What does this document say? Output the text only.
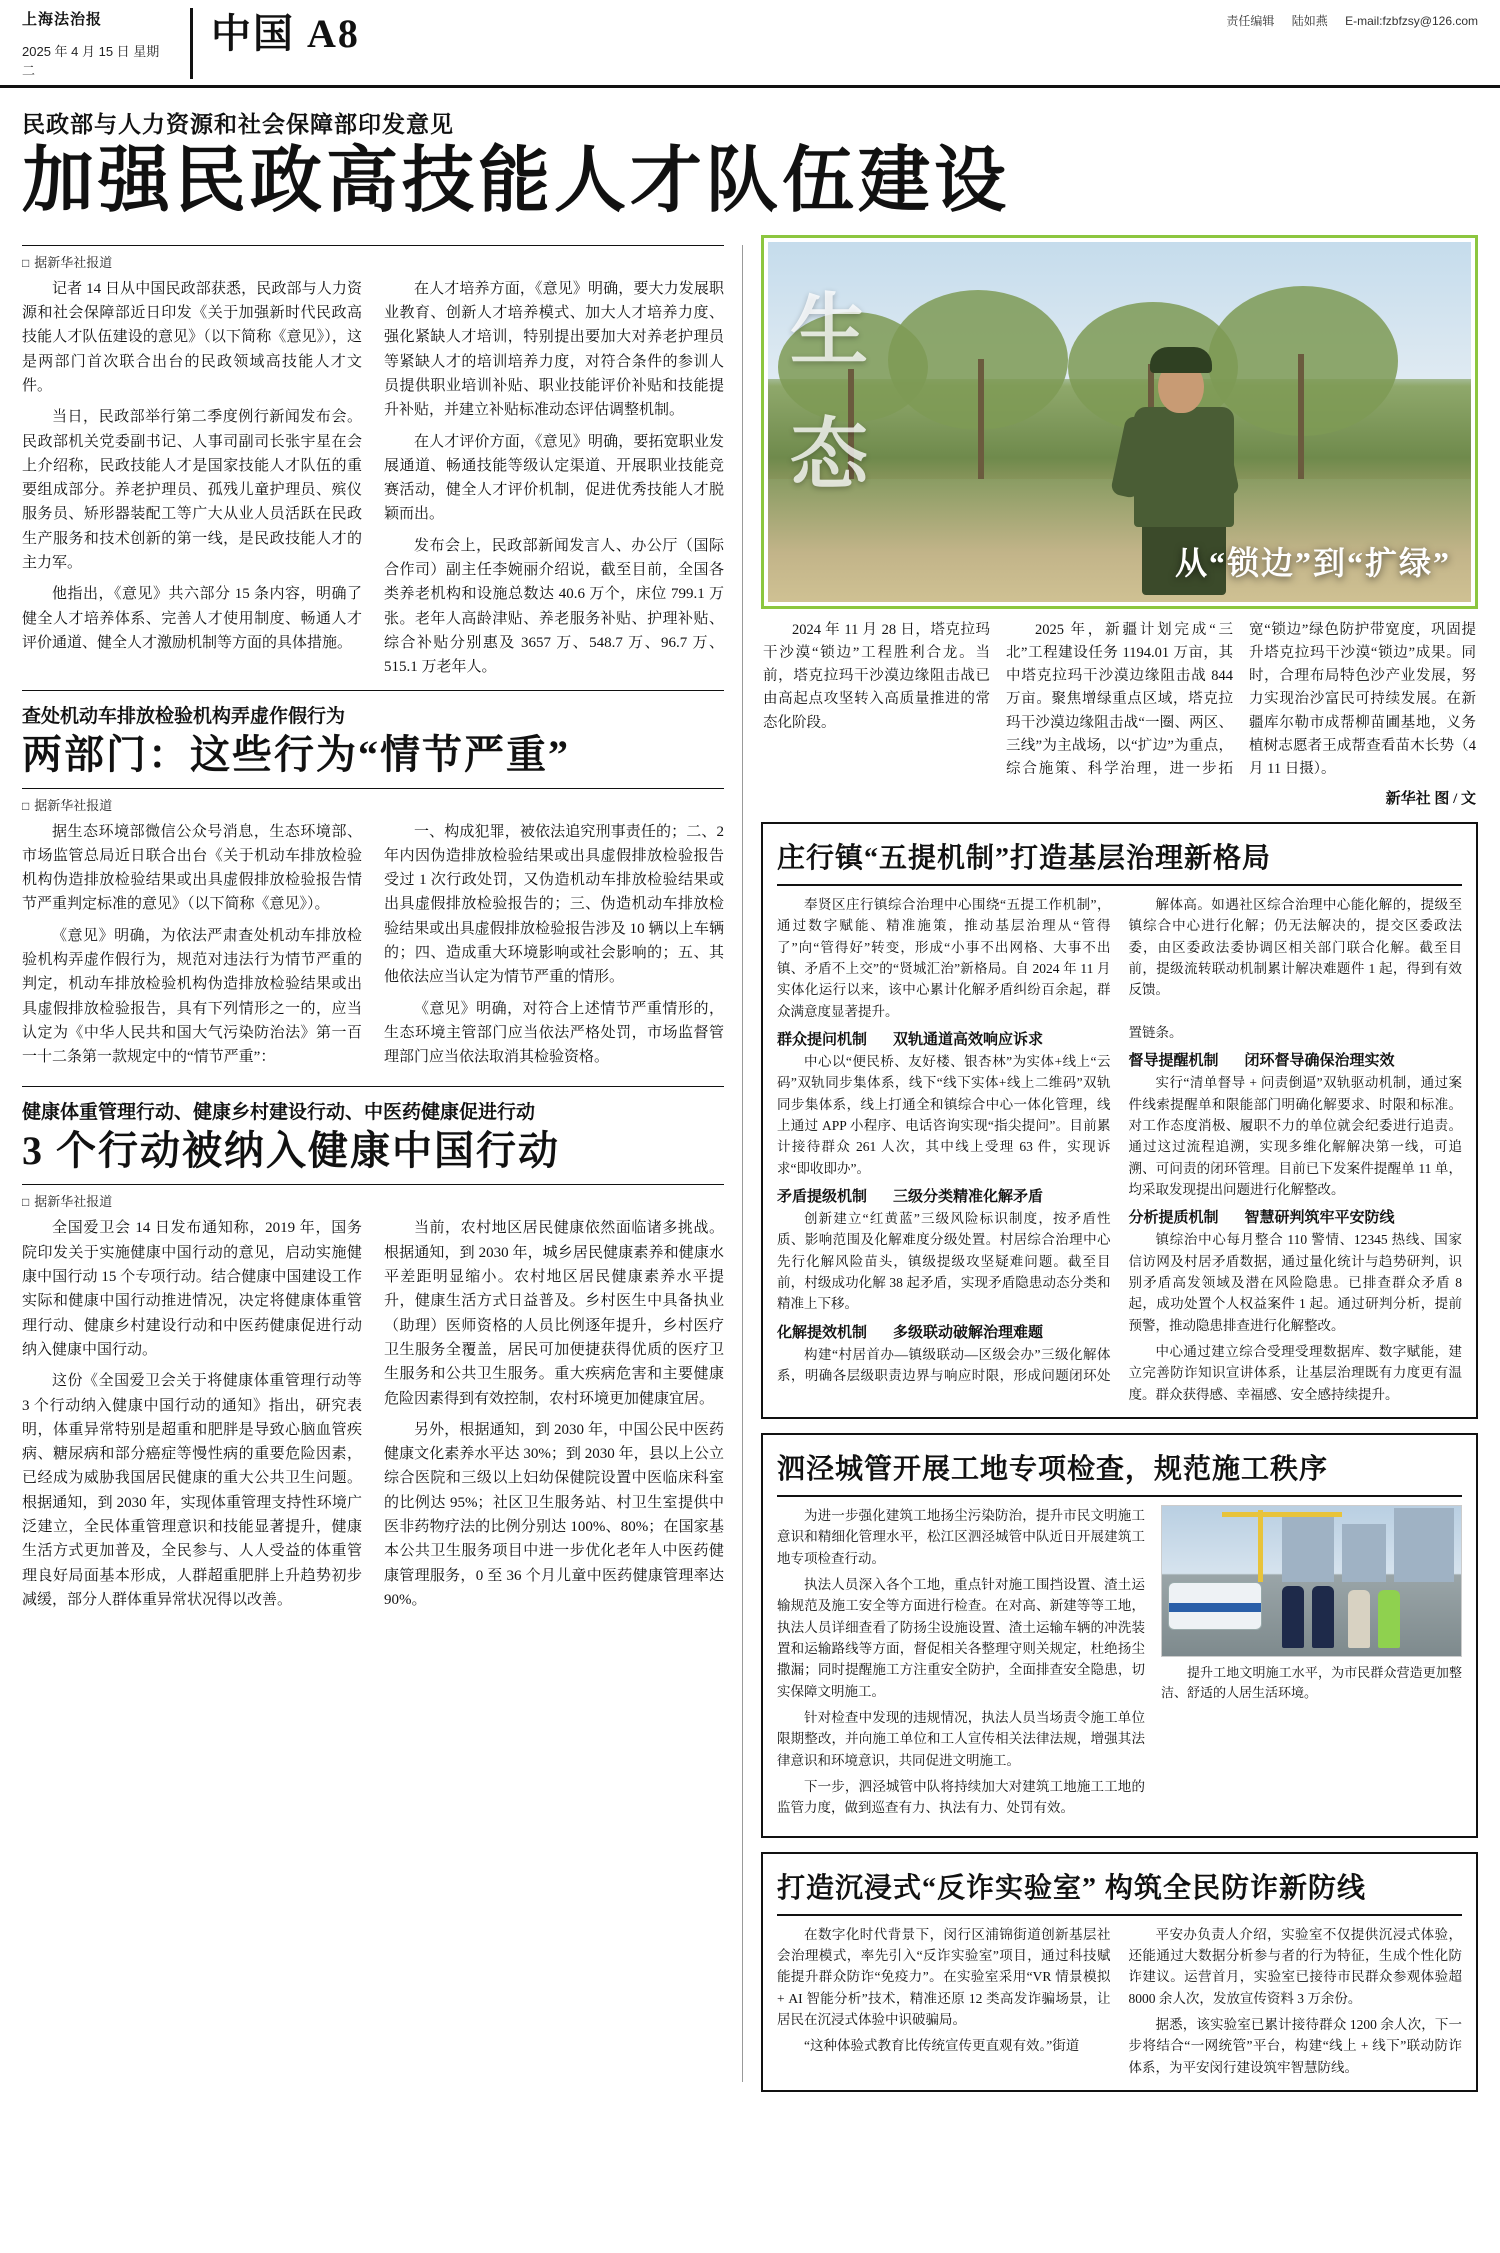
上海法治报
2025 年 4 月 15 日 星期二
中国 A8	责任编辑 陆如燕 E-mail:fzbfzsy@126.com
民政部与人力资源和社会保障部印发意见
加强民政高技能人才队伍建设
□ 据新华社报道

记者 14 日从中国民政部获悉，民政部与人力资源和社会保障部近日印发《关于加强新时代民政高技能人才队伍建设的意见》（以下简称《意见》），这是两部门首次联合出台的民政领域高技能人才文件。

当日，民政部举行第二季度例行新闻发布会。民政部机关党委副书记、人事司副司长张宇星在会上介绍称，民政技能人才是国家技能人才队伍的重要组成部分。养老护理员、孤残儿童护理员、殡仪服务员、矫形器装配工等广大从业人员活跃在民政生产服务和技术创新的第一线，是民政技能人才的主力军。

他指出，《意见》共六部分 15 条内容，明确了健全人才培养体系、完善人才使用制度、畅通人才评价通道、健全人才激励机制等方面的具体措施。

在人才培养方面，《意见》明确，要大力发展职业教育、创新人才培养模式、加大人才培养力度、强化紧缺人才培训，特别提出要加大对养老护理员等紧缺人才的培训培养力度，对符合条件的参训人员提供职业培训补贴、职业技能评价补贴和技能提升补贴，并建立补贴标准动态评估调整机制。

在人才评价方面，《意见》明确，要拓宽职业发展通道、畅通技能等级认定渠道、开展职业技能竞赛活动，健全人才评价机制，促进优秀技能人才脱颖而出。

发布会上，民政部新闻发言人、办公厅（国际合作司）副主任李婉丽介绍说，截至目前，全国各类养老机构和设施总数达 40.6 万个，床位 799.1 万张。老年人高龄津贴、养老服务补贴、护理补贴、综合补贴分别惠及 3657 万、548.7 万、96.7 万、515.1 万老年人。

查处机动车排放检验机构弄虚作假行为
两部门：这些行为“情节严重”
□ 据新华社报道

据生态环境部微信公众号消息，生态环境部、市场监管总局近日联合出台《关于机动车排放检验机构伪造排放检验结果或出具虚假排放检验报告情节严重判定标准的意见》（以下简称《意见》）。

《意见》明确，为依法严肃查处机动车排放检验机构弄虚作假行为，规范对违法行为情节严重的判定，机动车排放检验机构伪造排放检验结果或出具虚假排放检验报告，具有下列情形之一的，应当认定为《中华人民共和国大气污染防治法》第一百一十二条第一款规定中的“情节严重”：

一、构成犯罪，被依法追究刑事责任的；二、2 年内因伪造排放检验结果或出具虚假排放检验报告受过 1 次行政处罚，又伪造机动车排放检验结果或出具虚假排放检验报告的；三、伪造机动车排放检验结果或出具虚假排放检验报告涉及 10 辆以上车辆的；四、造成重大环境影响或社会影响的；五、其他依法应当认定为情节严重的情形。

《意见》明确，对符合上述情节严重情形的，生态环境主管部门应当依法严格处罚，市场监督管理部门应当依法取消其检验资格。

健康体重管理行动、健康乡村建设行动、中医药健康促进行动
3 个行动被纳入健康中国行动
□ 据新华社报道

全国爱卫会 14 日发布通知称，2019 年，国务院印发关于实施健康中国行动的意见，启动实施健康中国行动 15 个专项行动。结合健康中国建设工作实际和健康中国行动推进情况，决定将健康体重管理行动、健康乡村建设行动和中医药健康促进行动纳入健康中国行动。

这份《全国爱卫会关于将健康体重管理行动等 3 个行动纳入健康中国行动的通知》指出，研究表明，体重异常特别是超重和肥胖是导致心脑血管疾病、糖尿病和部分癌症等慢性病的重要危险因素，已经成为威胁我国居民健康的重大公共卫生问题。根据通知，到 2030 年，实现体重管理支持性环境广泛建立，全民体重管理意识和技能显著提升，健康生活方式更加普及，全民参与、人人受益的体重管理良好局面基本形成，人群超重肥胖上升趋势初步减缓，部分人群体重异常状况得以改善。

当前，农村地区居民健康依然面临诸多挑战。根据通知，到 2030 年，城乡居民健康素养和健康水平差距明显缩小。农村地区居民健康素养水平提升，健康生活方式日益普及。乡村医生中具备执业（助理）医师资格的人员比例逐年提升，乡村医疗卫生服务全覆盖，居民可加便捷获得优质的医疗卫生服务和公共卫生服务。重大疾病危害和主要健康危险因素得到有效控制，农村环境更加健康宜居。

另外，根据通知，到 2030 年，中国公民中医药健康文化素养水平达 30%；到 2030 年，县以上公立综合医院和三级以上妇幼保健院设置中医临床科室的比例达 95%；社区卫生服务站、村卫生室提供中医非药物疗法的比例分别达 100%、80%；在国家基本公共卫生服务项目中进一步优化老年人中医药健康管理服务，0 至 36 个月儿童中医药健康管理率达 90%。

生
态
从“锁边”到“扩绿”

2024 年 11 月 28 日，塔克拉玛干沙漠“锁边”工程胜利合龙。当前，塔克拉玛干沙漠边缘阻击战已由高起点攻坚转入高质量推进的常态化阶段。

2025 年，新疆计划完成“三北”工程建设任务 1194.01 万亩，其中塔克拉玛干沙漠边缘阻击战 844 万亩。聚焦增绿重点区域，塔克拉玛干沙漠边缘阻击战“一圈、两区、三线”为主战场，以“扩边”为重点，综合施策、科学治理，进一步拓宽“锁边”绿色防护带宽度，巩固提升塔克拉玛干沙漠“锁边”成果。同时，合理布局特色沙产业发展，努力实现治沙富民可持续发展。在新疆库尔勒市成帮柳苗圃基地，义务植树志愿者王成帮查看苗木长势（4 月 11 日摄）。

新华社 图 / 文
庄行镇“五提机制”打造基层治理新格局

奉贤区庄行镇综合治理中心围绕“五提工作机制”，通过数字赋能、精准施策，推动基层治理从“管得了”向“管得好”转变，形成“小事不出网格、大事不出镇、矛盾不上交”的“贤城汇治”新格局。自 2024 年 11 月实体化运行以来，该中心累计化解矛盾纠纷百余起，群众满意度显著提升。

解体高。如遇社区综合治理中心能化解的，提级至镇综合中心进行化解；仍无法解决的，提交区委政法委，由区委政法委协调区相关部门联合化解。截至目前，提级流转联动机制累计解决难题件 1 起，得到有效反馈。

群众提问机制 双轨通道高效响应诉求

中心以“便民桥、友好楼、银杏林”为实体+线上“云码”双轨同步集体系，线下“线下实体+线上二维码”双轨同步集体系，线上打通全和镇综合中心一体化管理，线上通过 APP 小程序、电话咨询实现“指尖提问”。目前累计接待群众 261 人次，其中线上受理 63 件，实现诉求“即收即办”。

矛盾提级机制 三级分类精准化解矛盾

创新建立“红黄蓝”三级风险标识制度，按矛盾性质、影响范围及化解难度分级处置。村居综合治理中心先行化解风险苗头，镇级提级攻坚疑难问题。截至目前，村级成功化解 38 起矛盾，实现矛盾隐患动态分类和精准上下移。

化解提效机制 多级联动破解治理难题

构建“村居首办—镇级联动—区级会办”三级化解体系，明确各层级职责边界与响应时限，形成问题闭环处置链条。

督导提醒机制 闭环督导确保治理实效

实行“清单督导 + 问责倒逼”双轨驱动机制，通过案件线索提醒单和限能部门明确化解要求、时限和标准。对工作态度消极、履职不力的单位就会纪委进行追责。通过这过流程追溯，实现多维化解解决第一线，可追溯、可问责的闭环管理。目前已下发案件提醒单 11 单，均采取发现提出问题进行化解整改。

分析提质机制 智慧研判筑牢平安防线

镇综治中心每月整合 110 警情、12345 热线、国家信访网及村居矛盾数据，通过量化统计与趋势研判，识别矛盾高发领域及潜在风险隐患。已排查群众矛盾 8 起，成功处置个人权益案件 1 起。通过研判分析，提前预警，推动隐患排查进行化解整改。

中心通过建立综合受理受理数据库、数字赋能，建立完善防诈知识宣讲体系，让基层治理既有力度更有温度。群众获得感、幸福感、安全感持续提升。

泗泾城管开展工地专项检查，规范施工秩序

为进一步强化建筑工地扬尘污染防治，提升市民文明施工意识和精细化管理水平，松江区泗泾城管中队近日开展建筑工地专项检查行动。

执法人员深入各个工地，重点针对施工围挡设置、渣土运输规范及施工安全等方面进行检查。在对高、新建等等工地，执法人员详细查看了防扬尘设施设置、渣土运输车辆的冲洗装置和运输路线等方面，督促相关各整理守则关规定，杜绝扬尘撒漏；同时提醒施工方注重安全防护，全面排查安全隐患，切实保障文明施工。

针对检查中发现的违规情况，执法人员当场责令施工单位限期整改，并向施工单位和工人宣传相关法律法规，增强其法律意识和环境意识，共同促进文明施工。

下一步，泗泾城管中队将持续加大对建筑工地施工工地的监管力度，做到巡查有力、执法有力、处罚有效。

提升工地文明施工水平，为市民群众营造更加整洁、舒适的人居生活环境。

打造沉浸式“反诈实验室” 构筑全民防诈新防线

在数字化时代背景下，闵行区浦锦街道创新基层社会治理模式，率先引入“反诈实验室”项目，通过科技赋能提升群众防诈“免疫力”。在实验室采用“VR 情景模拟 + AI 智能分析”技术，精准还原 12 类高发诈骗场景，让居民在沉浸式体验中识破骗局。

“这种体验式教育比传统宣传更直观有效。”街道

平安办负责人介绍，实验室不仅提供沉浸式体验，还能通过大数据分析参与者的行为特征，生成个性化防诈建议。运营首月，实验室已接待市民群众参观体验超 8000 余人次，发放宣传资料 3 万余份。

据悉，该实验室已累计接待群众 1200 余人次，下一步将结合“一网统管”平台，构建“线上 + 线下”联动防诈体系，为平安闵行建设筑牢智慧防线。
